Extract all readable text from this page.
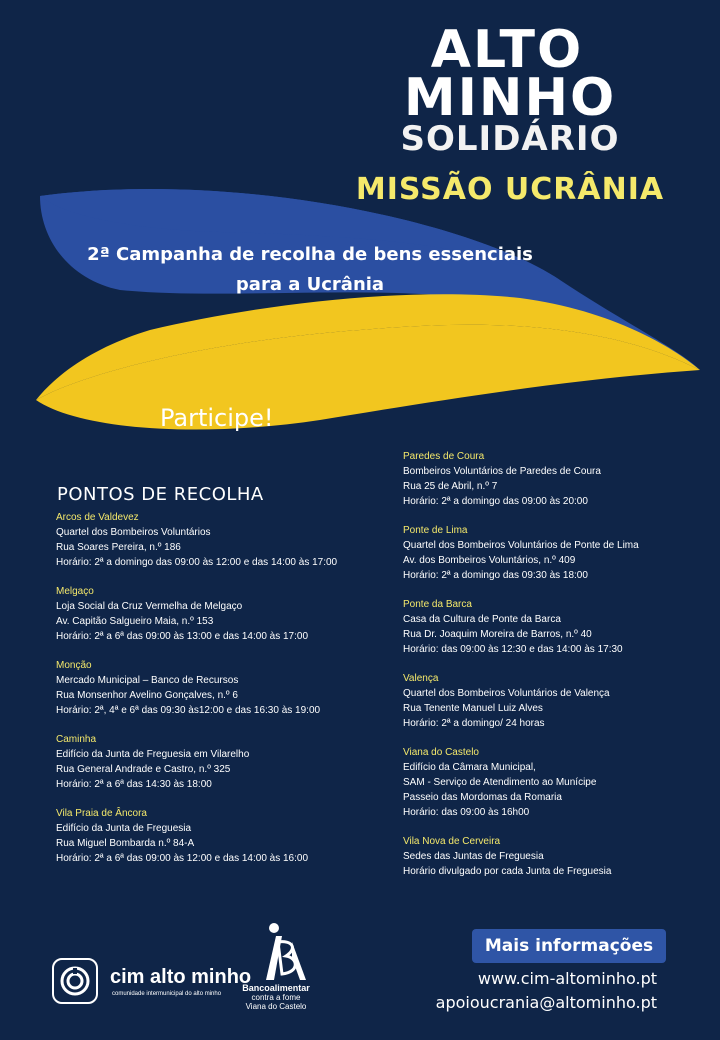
ALTO
MINHO
SOLIDÁRIO
MISSÃO UCRÂNIA
2ª Campanha de recolha de bens essenciais
para a Ucrânia
Participe!
PONTOS DE RECOLHA
Arcos de Valdevez
Quartel dos Bombeiros Voluntários
Rua Soares Pereira, n.º 186
Horário: 2ª a domingo das 09:00 às 12:00 e das 14:00 às 17:00
Melgaço
Loja Social da Cruz Vermelha de Melgaço
Av. Capitão Salgueiro Maia, n.º 153
Horário: 2ª a 6ª das 09:00 às 13:00 e das 14:00 às 17:00
Monção
Mercado Municipal – Banco de Recursos
Rua Monsenhor Avelino Gonçalves, n.º 6
Horário: 2ª, 4ª e 6ª das 09:30 às12:00 e das 16:30 às 19:00
Caminha
Edifício da Junta de Freguesia em Vilarelho
Rua General Andrade e Castro, n.º 325
Horário: 2ª a 6ª das 14:30 às 18:00
Vila Praia de Âncora
Edifício da Junta de Freguesia
Rua Miguel Bombarda n.º 84-A
Horário: 2ª a 6ª das 09:00 às 12:00 e das 14:00 às 16:00
Paredes de Coura
Bombeiros Voluntários de Paredes de Coura
Rua 25 de Abril, n.º 7
Horário: 2ª a domingo das 09:00 às 20:00
Ponte de Lima
Quartel dos Bombeiros Voluntários de Ponte de Lima
Av. dos Bombeiros Voluntários, n.º 409
Horário: 2ª a domingo das 09:30 às 18:00
Ponte da Barca
Casa da Cultura de Ponte da Barca
Rua Dr. Joaquim Moreira de Barros, n.º 40
Horário: das 09:00 às 12:30 e das 14:00 às 17:30
Valença
Quartel dos Bombeiros Voluntários de Valença
Rua Tenente Manuel Luiz Alves
Horário: 2ª a domingo/ 24 horas
Viana do Castelo
Edifício da Câmara Municipal,
SAM - Serviço de Atendimento ao Munícipe
Passeio das Mordomas da Romaria
Horário: das 09:00 às 16h00
Vila Nova de Cerveira
Sedes das Juntas de Freguesia
Horário divulgado por cada Junta de Freguesia
cim alto minho
comunidade intermunicipal do alto minho
Bancoalimentar
contra a fome
Viana do Castelo
Mais informações
www.cim-altominho.pt
apoioucrania@altominho.pt
